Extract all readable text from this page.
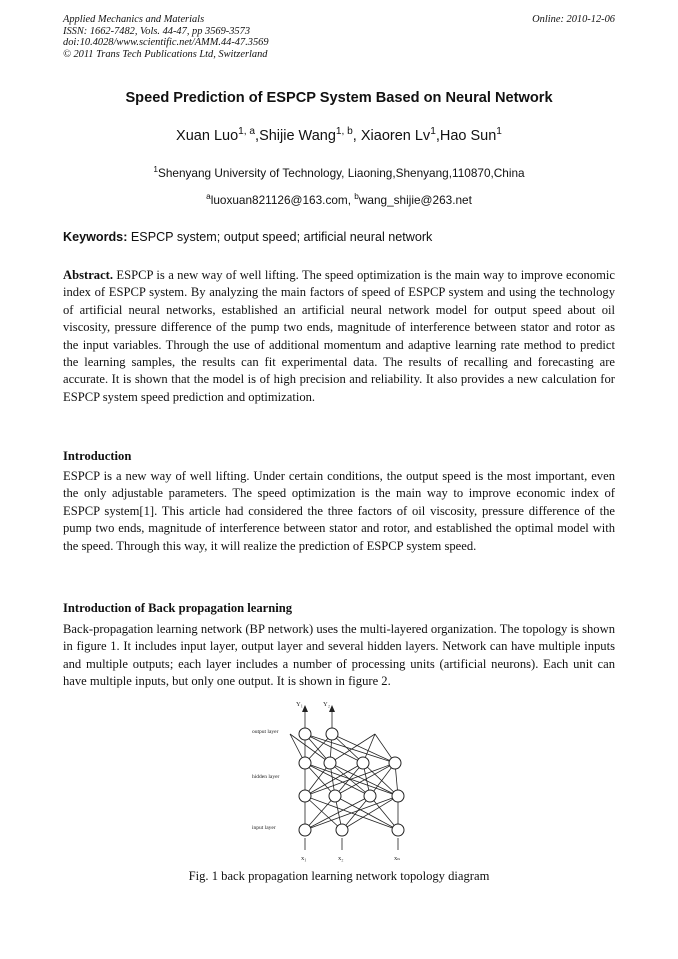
Applied Mechanics and Materials
ISSN: 1662-7482, Vols. 44-47, pp 3569-3573
doi:10.4028/www.scientific.net/AMM.44-47.3569
© 2011 Trans Tech Publications Ltd, Switzerland
Online: 2010-12-06
Speed Prediction of ESPCP System Based on Neural Network
Xuan Luo$^{1, a}$,Shijie Wang$^{1, b}$, Xiaoren Lv$^1$,Hao Sun$^1$
$^1$Shenyang University of Technology, Liaoning,Shenyang,110870,China
$^a$luoxuan821126@163.com, $^b$wang_shijie@263.net
Keywords: ESPCP system; output speed; artificial neural network

Abstract. ESPCP is a new way of well lifting. The speed optimization is the main way to improve economic index of ESPCP system. By analyzing the main factors of speed of ESPCP system and using the technology of artificial neural networks, established an artificial neural network model for output speed about oil viscosity, pressure difference of the pump two ends, magnitude of interference between stator and rotor as the input variables. Through the use of additional momentum and adaptive learning rate method to predict the learning samples, the results can fit experimental data. The results of recalling and forecasting are accurate. It is shown that the model is of high precision and reliability. It also provides a new calculation for ESPCP system speed prediction and optimization.

Introduction

ESPCP is a new way of well lifting. Under certain conditions, the output speed is the most important, even the only adjustable parameters. The speed optimization is the main way to improve economic index of ESPCP system[1]. This article had considered the three factors of oil viscosity, pressure difference of the pump two ends, magnitude of interference between stator and rotor, and established the optimal model with the speed. Through this way, it will realize the prediction of ESPCP system speed.

Introduction of Back propagation learning

Back-propagation learning network (BP network) uses the multi-layered organization. The topology is shown in figure 1. It includes input layer, output layer and several hidden layers. Network can have multiple inputs and multiple outputs; each layer includes a number of processing units (artificial neurons). Each unit can have multiple inputs, but only one output. It is shown in figure 2.

Y₁	Y₂
output layer
hidden layer
input layer
x₁	x₂	xₙ
Fig. 1 back propagation learning network topology diagram
